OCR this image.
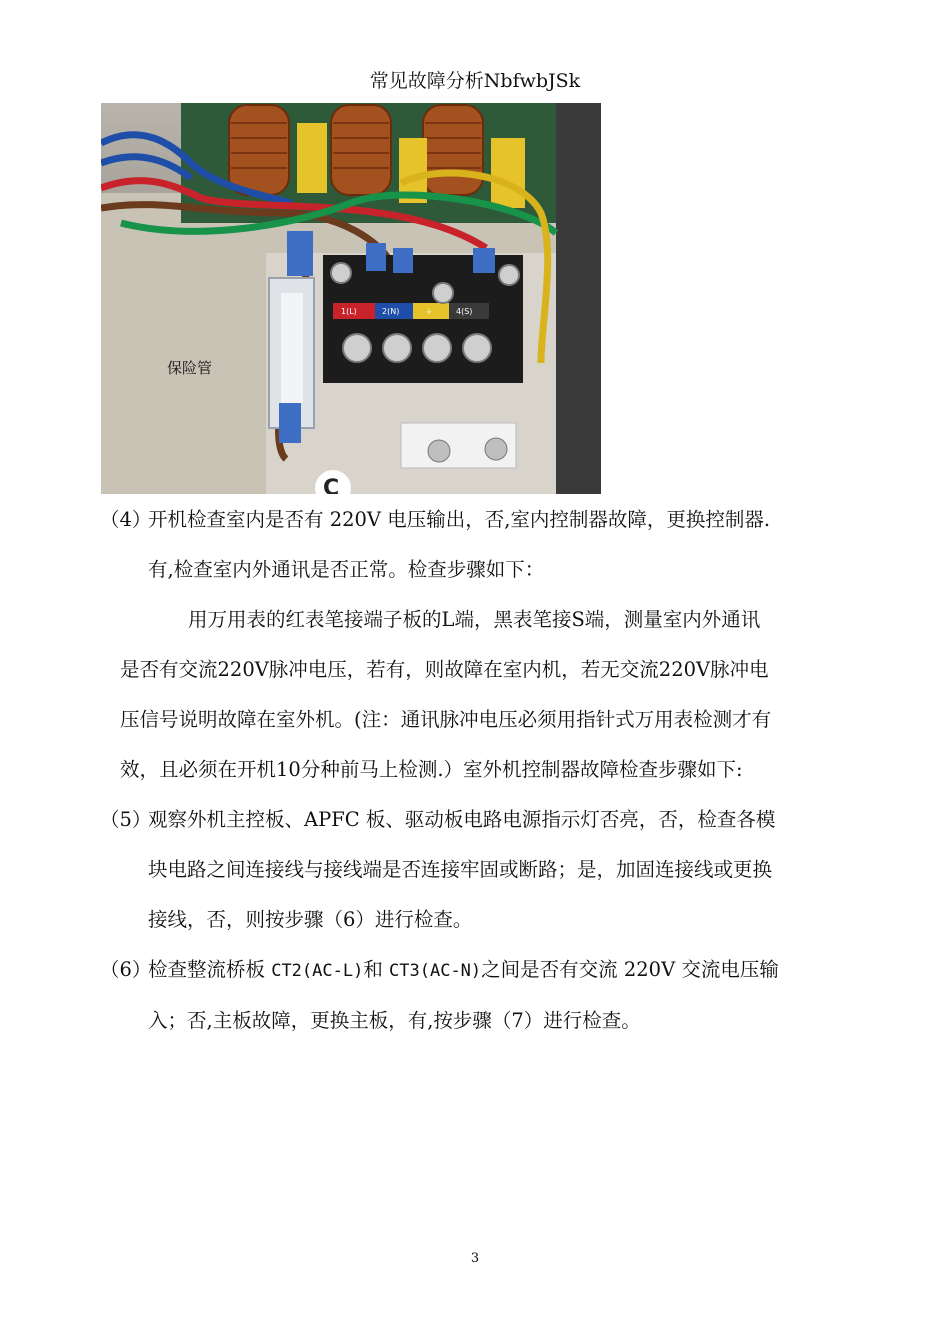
常见故障分析NbfwbJSk
1(L)	2(N)	⏚	4(S)
C
保险管
（4）开机检查室内是否有 220V 电压输出，否,室内控制器故障，更换控制器.
有,检查室内外通讯是否正常。检查步骤如下：
用万用表的红表笔接端子板的L端，黑表笔接S端，测量室内外通讯
是否有交流220V脉冲电压，若有，则故障在室内机，若无交流220V脉冲电
压信号说明故障在室外机。(注：通讯脉冲电压必须用指针式万用表检测才有
效，且必须在开机10分种前马上检测.）室外机控制器故障检查步骤如下:
（5）观察外机主控板、APFC 板、驱动板电路电源指示灯否亮，否，检查各模
块电路之间连接线与接线端是否连接牢固或断路；是，加固连接线或更换
接线，否，则按步骤（6）进行检查。
（6）检查整流桥板 CT2(AC-L)和 CT3(AC-N)之间是否有交流 220V 交流电压输
入；否,主板故障，更换主板，有,按步骤（7）进行检查。
3
